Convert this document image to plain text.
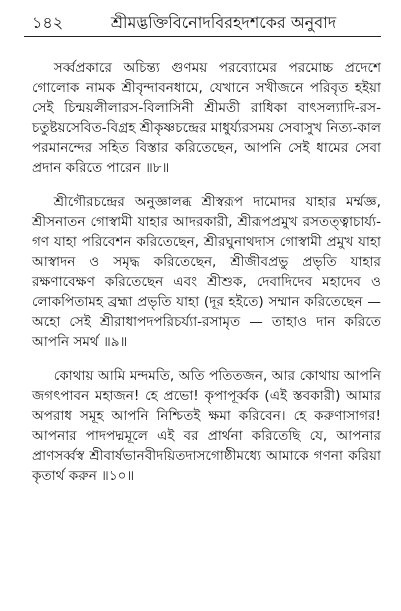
১৪২	শ্রীমদ্ভক্তিবিনোদবিরহদশকের অনুবাদ

সর্ব্বপ্রকারে অচিন্ত্য গুণময় পরব্যোমের পরমোচ্চ প্রদেশে গোলোক নামক শ্রীবৃন্দাবনধামে, যেখানে সখীজনে পরিবৃত হইয়া সেই চিন্ময়লীলারস-বিলাসিনী শ্রীমতী রাধিকা বাৎসল্যাদি-রস-চতুষ্টয়সেবিত-বিগ্রহ শ্রীকৃষ্ণচন্দ্রের মাধুর্য্যরসময় সেবাসুখ নিত্য-কাল পরমানন্দের সহিত বিস্তার করিতেছেন, আপনি সেই ধামের সেবা প্রদান করিতে পারেন ॥৮॥

শ্রীগৌরচন্দ্রের অনুজ্ঞালব্ধ শ্রীস্বরূপ দামোদর যাহার মর্ম্মজ্ঞ, শ্রীসনাতন গোস্বামী যাহার আদরকারী, শ্রীরূপপ্রমুখ রসতত্ত্বাচার্য্য-গণ যাহা পরিবেশন করিতেছেন, শ্রীরঘুনাথদাস গোস্বামী প্রমুখ যাহা আস্বাদন ও সমৃদ্ধ করিতেছেন, শ্রীজীবপ্রভু প্রভৃতি যাহার রক্ষণাবেক্ষণ করিতেছেন এবং শ্রীশুক, দেবাদিদেব মহাদেব ও লোকপিতামহ ব্রহ্মা প্রভৃতি যাহা (দূর হইতে) সম্মান করিতেছেন — অহো সেই শ্রীরাধাপদপরিচর্য্যা-রসামৃত — তাহাও দান করিতে আপনি সমর্থ ॥৯॥

কোথায় আমি মন্দমতি, অতি পতিতজন, আর কোথায় আপনি জগৎপাবন মহাজন! হে প্রভো! কৃপাপূর্ব্বক (এই স্তবকারী) আমার অপরাধ সমূহ আপনি নিশ্চিতই ক্ষমা করিবেন। হে করুণাসাগর! আপনার পাদপদ্মমূলে এই বর প্রার্থনা করিতেছি যে, আপনার প্রাণসর্ব্বস্ব শ্রীবার্ষভানবীদয়িতদাসগোষ্ঠীমধ্যে আমাকে গণনা করিয়া কৃতার্থ করুন ॥১০॥
